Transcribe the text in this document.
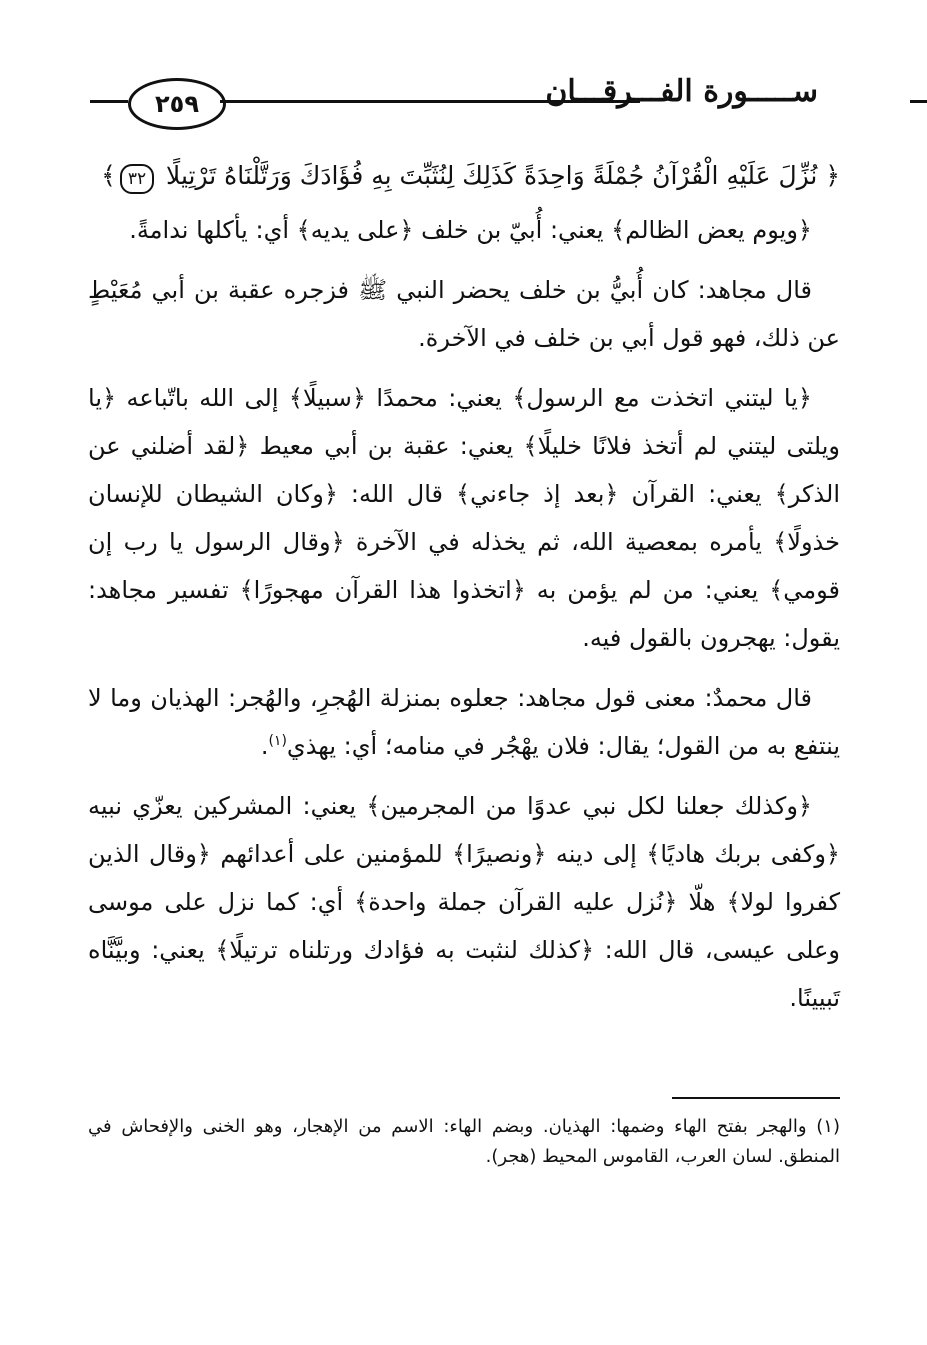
٢٥٩	ســـــورة الفـــرقـــان
﴿ نُزِّلَ عَلَيْهِ الْقُرْآنُ جُمْلَةً وَاحِدَةً كَذَلِكَ لِنُثَبِّتَ بِهِ فُؤَادَكَ وَرَتَّلْنَاهُ تَرْتِيلًا ٣٢﴾

﴿ويوم يعض الظالم﴾ يعني: أُبيّ بن خلف ﴿على يديه﴾ أي: يأكلها ندامةً.

قال مجاهد: كان أُبيُّ بن خلف يحضر النبي ﷺ فزجره عقبة بن أبي مُعَيْطٍ عن ذلك، فهو قول أبي بن خلف في الآخرة.

﴿يا ليتني اتخذت مع الرسول﴾ يعني: محمدًا ﴿سبيلًا﴾ إلى الله باتّباعه ﴿يا ويلتى ليتني لم أتخذ فلانًا خليلًا﴾ يعني: عقبة بن أبي معيط ﴿لقد أضلني عن الذكر﴾ يعني: القرآن ﴿بعد إذ جاءني﴾ قال الله: ﴿وكان الشيطان للإنسان خذولًا﴾ يأمره بمعصية الله، ثم يخذله في الآخرة ﴿وقال الرسول يا رب إن قومي﴾ يعني: من لم يؤمن به ﴿اتخذوا هذا القرآن مهجورًا﴾ تفسير مجاهد: يقول: يهجرون بالقول فيه.

قال محمدٌ: معنى قول مجاهد: جعلوه بمنزلة الهُجرِ، والهُجر: الهذيان وما لا ينتفع به من القول؛ يقال: فلان يهْجُر في منامه؛ أي: يهذي$^{(١)}$.

﴿وكذلك جعلنا لكل نبي عدوًا من المجرمين﴾ يعني: المشركين يعزّي نبيه ﴿وكفى بربك هاديًا﴾ إلى دينه ﴿ونصيرًا﴾ للمؤمنين على أعدائهم ﴿وقال الذين كفروا لولا﴾ هلّا ﴿نُزل عليه القرآن جملة واحدة﴾ أي: كما نزل على موسى وعلى عيسى، قال الله: ﴿كذلك لنثبت به فؤادك ورتلناه ترتيلًا﴾ يعني: وبيَّنَّاه تَبيينًا.

(١) والهجر بفتح الهاء وضمها: الهذيان. وبضم الهاء: الاسم من الإهجار، وهو الخنى والإفحاش في المنطق. لسان العرب، القاموس المحيط (هجر).
